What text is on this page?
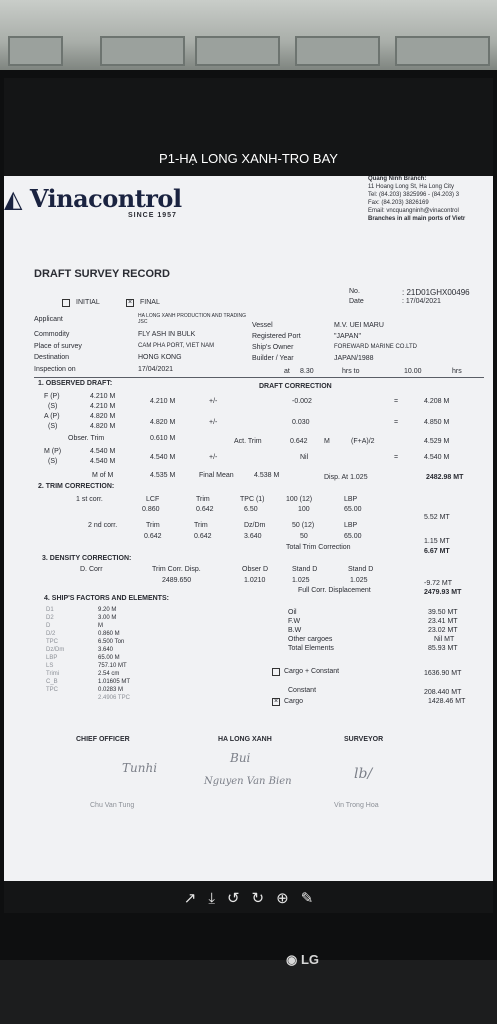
P1-HẠ LONG XANH-TRO BAY
◭ Vinacontrol
SINCE 1957
Quang Ninh Branch:
11 Hoang Long St, Ha Long City
Tel: (84.203) 3825996 - (84.203) 3
Fax: (84.203) 3826169
Email: vncquangninh@vinacontrol
Branches in all main ports of Vietr
DRAFT SURVEY RECORD
No.	: 21D01GHX00496
Date	: 17/04/2021
INITIAL	× FINAL
Applicant	HA LONG XANH PRODUCTION AND TRADING JSC
Commodity	FLY ASH IN BULK
Place of survey	CAM PHA PORT, VIET NAM
Destination	HONG KONG
Inspection on	17/04/2021
Vessel	M.V. UEI MARU
Registered Port	"JAPAN"
Ship's Owner	FOREWARD MARINE CO.LTD
Builder / Year	JAPAN/1988
at 8.30	hrs to	10.00	hrs
1. OBSERVED DRAFT:	DRAFT CORRECTION
F (P)	4.210 M
(S)	4.210 M
4.210 M	+/-	-0.002	=	4.208 M
A (P)	4.820 M
(S)	4.820 M
4.820 M	+/-	0.030	=	4.850 M
Obser. Trim	0.610 M	Act. Trim	0.642 M	(F+A)/2	4.529 M
M (P)	4.540 M
(S)	4.540 M
4.540 M	+/-	Nil	=	4.540 M
M of M	4.535 M	Final Mean	4.538 M	Disp. At 1.025	2482.98 MT
2. TRIM CORRECTION:
1 st corr.	LCF	Trim	TPC (1)	100 (12)	LBP
0.860	0.642	6.50	100	65.00
5.52 MT
2 nd corr.	Trim	Trim	Dz/Dm	50 (12)	LBP
0.642	0.642	3.640	50	65.00
1.15 MT
Total Trim Correction
6.67 MT
3. DENSITY CORRECTION:
D. Corr	Trim Corr. Disp.	Obser D	Stand D	Stand D
2489.650	1.0210	1.025	1.025	-9.72 MT
Full Corr. Displacement	2479.93 MT
4. SHIP'S FACTORS AND ELEMENTS:
D1	9.20 M
D2	3.00 M
D	M
D/2	0.860 M
TPC	6.500 Ton
Dz/Dm	3.640
LBP	65.00 M
LS	757.10 MT
Trimi	2.54 cm
C_B	1.01605 MT
TPC	0.0283 M
2.4906 TPC
Oil	39.50 MT
F.W	23.41 MT
B.W	23.02 MT
Other cargoes	Nil MT
Total Elements	85.93 MT
Cargo + Constant	1636.90 MT
Constant	208.440 MT
× Cargo	1428.46 MT
CHIEF OFFICER	HA LONG XANH	SURVEYOR
Tunhi
Bui
Nguyen Van Bien	lb/
Chu Van Tung	Vin Trong Hoa
↗ ⤓ ↺ ↻ ⊕ ✎
◉ LG
